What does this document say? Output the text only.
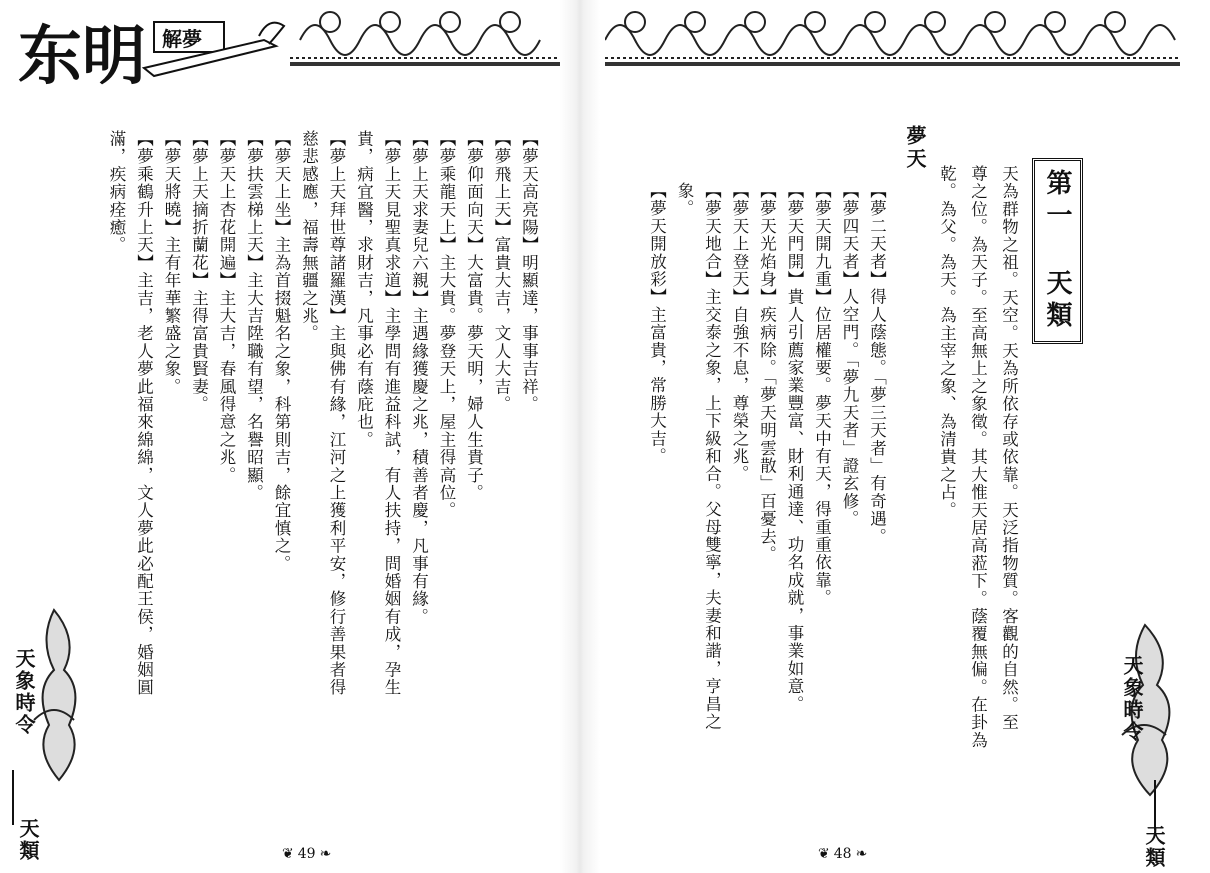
东明 解夢
【夢天高亮陽】明顯達，事事吉祥。
【夢飛上天】富貴大吉，文人大吉。
【夢仰面向天】大富貴。夢天明，婦人生貴子。
【夢乘龍天上】主大貴。夢登天上，屋主得高位。
【夢上天求妻兒六親】主遇緣獲慶之兆，積善者慶，凡事有緣。
【夢上天見聖真求道】主學問有進益科試，有人扶持，問婚姻有成，孕生
貴，病宜醫，求財吉，凡事必有蔭庇也。
【夢上天拜世尊諸羅漢】主與佛有緣，江河之上獲利平安，修行善果者得
慈悲感應，福壽無疆之兆。
【夢天上坐】主為首掇魁名之象，科第則吉，餘宜慎之。
【夢扶雲梯上天】主大吉陞職有望，名譽昭顯。
【夢天上杏花開遍】主大吉，春風得意之兆。
【夢上天摘折蘭花】主得富貴賢妻。
【夢天將曉】主有年華繁盛之象。
【夢乘鶴升上天】主吉，老人夢此福來綿綿，文人夢此必配王侯，婚姻圓
滿，疾病痊癒。
天象時令
天類	❦ 49 ❧
第一 天類
天為群物之祖。天空。天為所依存或依靠。天泛指物質。客觀的自然。至
尊之位。為天子。至高無上之象徵。其大惟天居高蒞下。蔭覆無偏。在卦為
乾。為父。為天。為主宰之象、為清貴之占。
【夢二天者】得人蔭態。「夢三天者」有奇遇。
【夢四天者】人空門。「夢九天者」證玄修。
【夢天開九重】位居權要。夢天中有天，得重重依靠。
【夢天門開】貴人引薦家業豐富、財利通達、功名成就，事業如意。
【夢天光焰身】疾病除。「夢天明雲散」百憂去。
【夢天上登天】自強不息，尊榮之兆。
【夢天地合】主交泰之象，上下級和合。父母雙寧，夫妻和諧，亨昌之
象。
【夢天開放彩】主富貴，常勝大吉。
夢天
天象時令
天類
❦ 48 ❧
